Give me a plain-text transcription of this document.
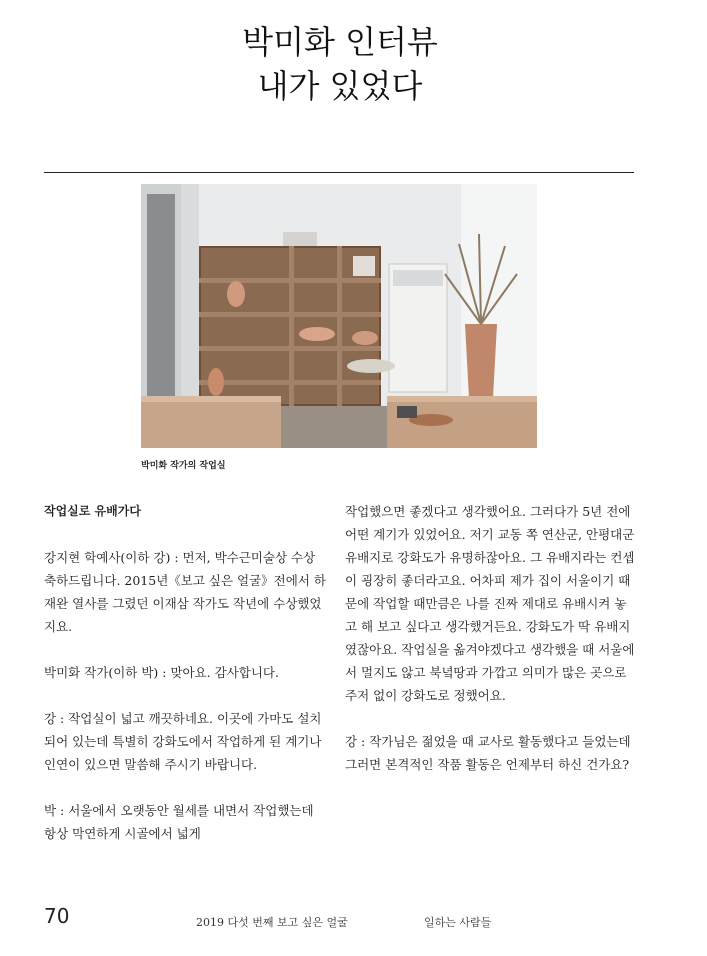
박미화 인터뷰
내가 있었다
박미화 작가의 작업실

작업실로 유배가다

강지현 학예사(이하 강) : 먼저, 박수근미술상 수상 축하드립니다. 2015년《보고 싶은 얼굴》전에서 하재완 열사를 그렸던 이재삼 작가도 작년에 수상했었지요.

박미화 작가(이하 박) : 맞아요. 감사합니다.

강 : 작업실이 넓고 깨끗하네요. 이곳에 가마도 설치되어 있는데 특별히 강화도에서 작업하게 된 계기나 인연이 있으면 말씀해 주시기 바랍니다.

박 : 서울에서 오랫동안 월세를 내면서 작업했는데 항상 막연하게 시골에서 넓게

작업했으면 좋겠다고 생각했어요. 그러다가 5년 전에 어떤 계기가 있었어요. 저기 교동 쪽 연산군, 안평대군 유배지로 강화도가 유명하잖아요. 그 유배지라는 컨셉이 굉장히 좋더라고요. 어차피 제가 집이 서울이기 때문에 작업할 때만큼은 나를 진짜 제대로 유배시켜 놓고 해 보고 싶다고 생각했거든요. 강화도가 딱 유배지였잖아요. 작업실을 옮겨야겠다고 생각했을 때 서울에서 멀지도 않고 북녘땅과 가깝고 의미가 많은 곳으로 주저 없이 강화도로 정했어요.

강 : 작가님은 젊었을 때 교사로 활동했다고 들었는데 그러면 본격적인 작품 활동은 언제부터 하신 건가요?

70	2019 다섯 번째 보고 싶은 얼굴	일하는 사람들
